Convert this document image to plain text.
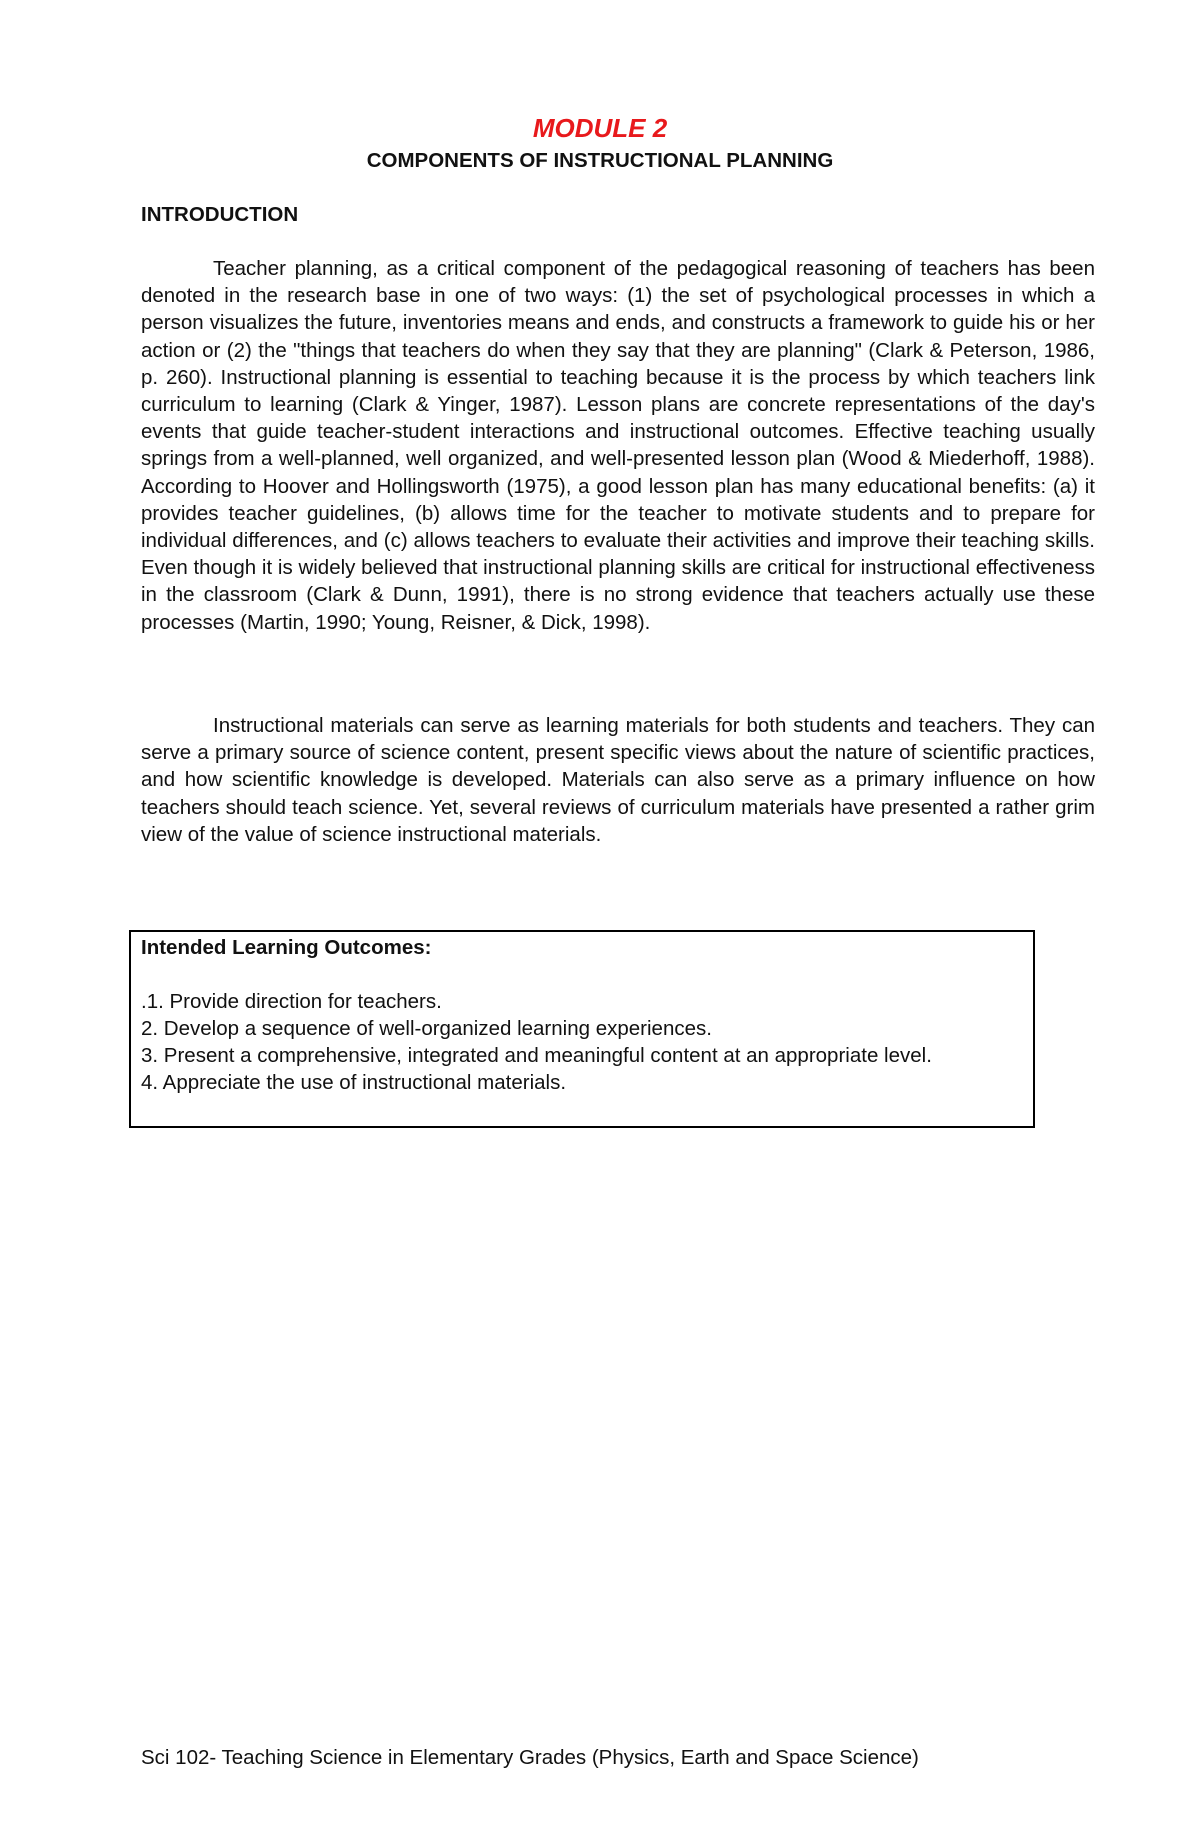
MODULE 2
COMPONENTS OF INSTRUCTIONAL PLANNING
INTRODUCTION

Teacher planning, as a critical component of the pedagogical reasoning of teachers has been denoted in the research base in one of two ways: (1) the set of psychological processes in which a person visualizes the future, inventories means and ends, and constructs a framework to guide his or her action or (2) the "things that teachers do when they say that they are planning" (Clark & Peterson, 1986, p. 260). Instructional planning is essential to teaching because it is the process by which teachers link curriculum to learning (Clark & Yinger, 1987). Lesson plans are concrete representations of the day's events that guide teacher-student interactions and instructional outcomes. Effective teaching usually springs from a well-planned, well organized, and well-presented lesson plan (Wood & Miederhoff, 1988). According to Hoover and Hollingsworth (1975), a good lesson plan has many educational benefits: (a) it provides teacher guidelines, (b) allows time for the teacher to motivate students and to prepare for individual differences, and (c) allows teachers to evaluate their activities and improve their teaching skills. Even though it is widely believed that instructional planning skills are critical for instructional effectiveness in the classroom (Clark & Dunn, 1991), there is no strong evidence that teachers actually use these processes (Martin, 1990; Young, Reisner, & Dick, 1998).

Instructional materials can serve as learning materials for both students and teachers. They can serve a primary source of science content, present specific views about the nature of scientific practices, and how scientific knowledge is developed. Materials can also serve as a primary influence on how teachers should teach science. Yet, several reviews of curriculum materials have presented a rather grim view of the value of science instructional materials.

Intended Learning Outcomes:

.1. Provide direction for teachers.
2. Develop a sequence of well-organized learning experiences.
3. Present a comprehensive, integrated and meaningful content at an appropriate level.
4. Appreciate the use of instructional materials.

Sci 102- Teaching Science in Elementary Grades (Physics, Earth and Space Science)
